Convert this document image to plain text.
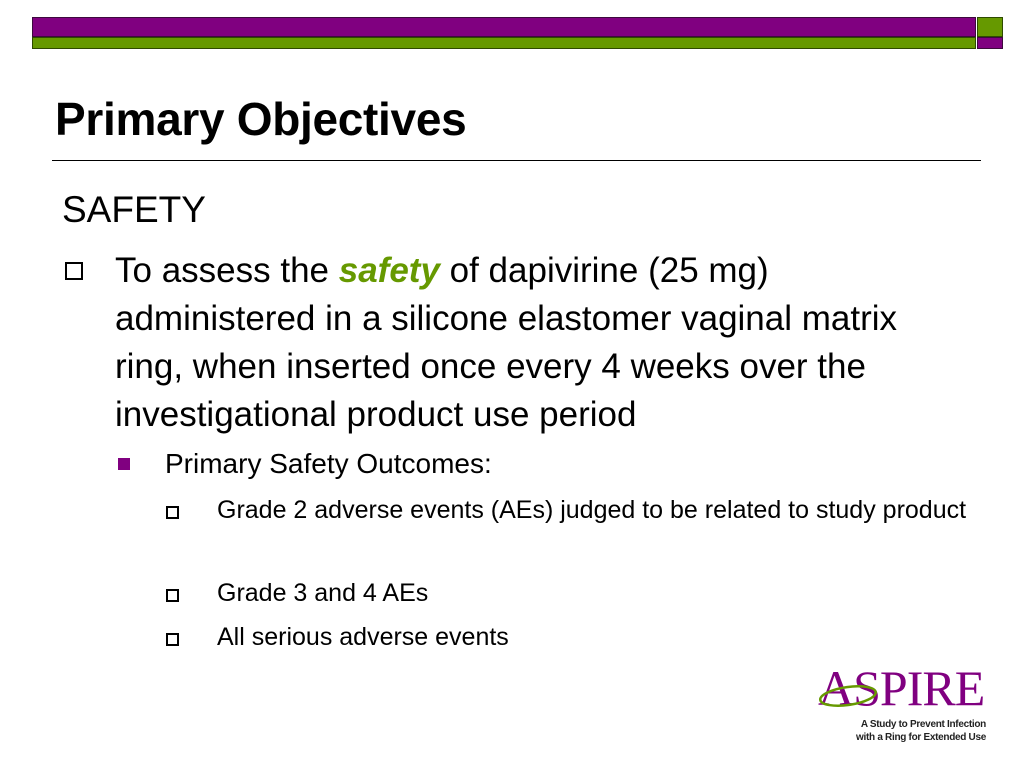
Primary Objectives
SAFETY
To assess the safety of dapivirine (25 mg) administered in a silicone elastomer vaginal matrix ring, when inserted once every 4 weeks over the investigational product use period
Primary Safety Outcomes:
Grade 2 adverse events (AEs) judged to be related to study product
Grade 3 and 4 AEs
All serious adverse events
ASPIRE
A Study to Prevent Infection
with a Ring for Extended Use
